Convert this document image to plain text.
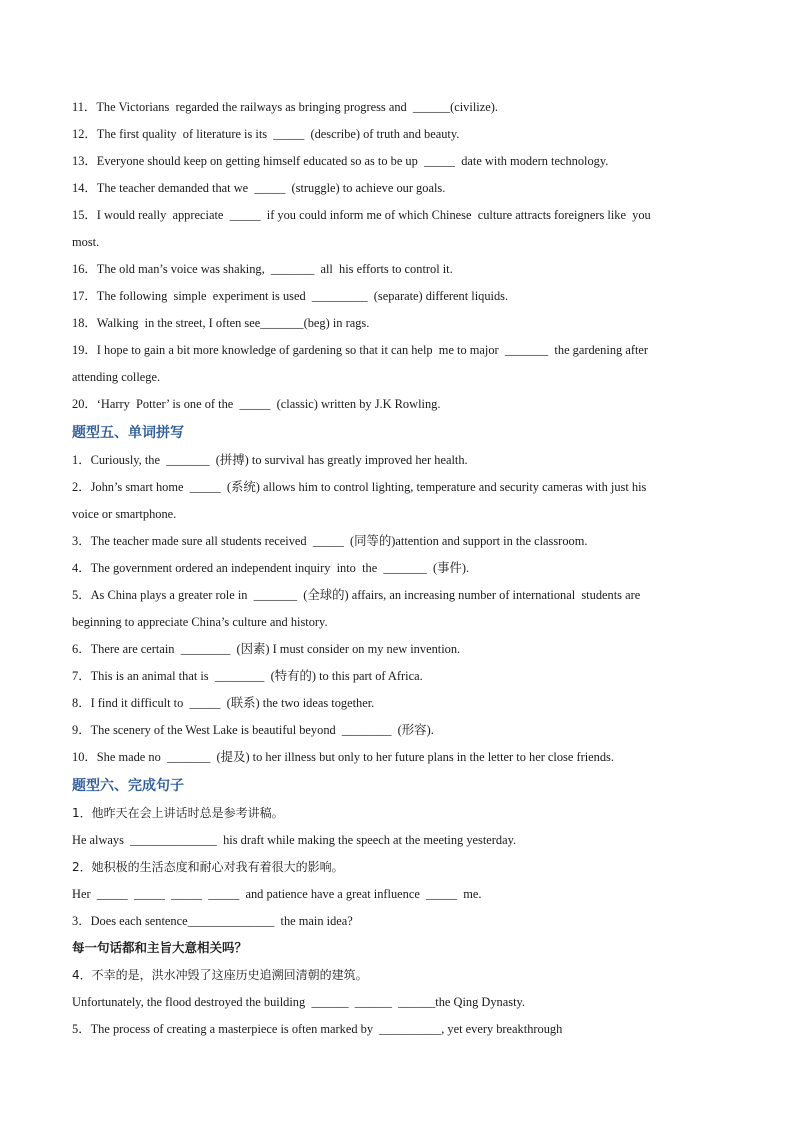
11．The Victorians  regarded the railways as bringing progress and  ______(civilize).
12．The first quality  of literature is its  _____  (describe) of truth and beauty.
13．Everyone should keep on getting himself educated so as to be up  _____  date with modern technology.
14．The teacher demanded that we  _____  (struggle) to achieve our goals.
15．I would really  appreciate  _____  if you could inform me of which Chinese  culture attracts foreigners like  you
most.
16．The old man’s voice was shaking,  _______  all  his efforts to control it.
17．The following  simple  experiment is used  _________  (separate) different liquids.
18．Walking  in the street, I often see_______(beg) in rags.
19．I hope to gain a bit more knowledge of gardening so that it can help  me to major  _______  the gardening after
attending college.
20．‘Harry  Potter’ is one of the  _____  (classic) written by J.K Rowling.
题型五、单词拼写
1．Curiously, the  _______  (拼搏) to survival has greatly improved her health.
2．John’s smart home  _____  (系统) allows him to control lighting, temperature and security cameras with just his
voice or smartphone.
3．The teacher made sure all students received  _____  (同等的)attention and support in the classroom.
4．The government ordered an independent inquiry  into  the  _______  (事件).
5．As China plays a greater role in  _______  (全球的) affairs, an increasing number of international  students are
beginning to appreciate China’s culture and history.
6．There are certain  ________  (因素) I must consider on my new invention.
7．This is an animal that is  ________  (特有的) to this part of Africa.
8．I find it difficult to  _____  (联系) the two ideas together.
9．The scenery of the West Lake is beautiful beyond  ________  (形容).
10．She made no  _______  (提及) to her illness but only to her future plans in the letter to her close friends.
题型六、完成句子
1．他昨天在会上讲话时总是参考讲稿。
He always  ______________  his draft while making the speech at the meeting yesterday.
2．她积极的生活态度和耐心对我有着很大的影响。
Her  _____  _____  _____  _____  and patience have a great influence  _____  me.
3．Does each sentence______________  the main idea?
每一句话都和主旨大意相关吗？
4．不幸的是，洪水冲毁了这座历史追溯回清朝的建筑。
Unfortunately, the flood destroyed the building  ______  ______  ______the Qing Dynasty.
5．The process of creating a masterpiece is often marked by  __________, yet every breakthrough
